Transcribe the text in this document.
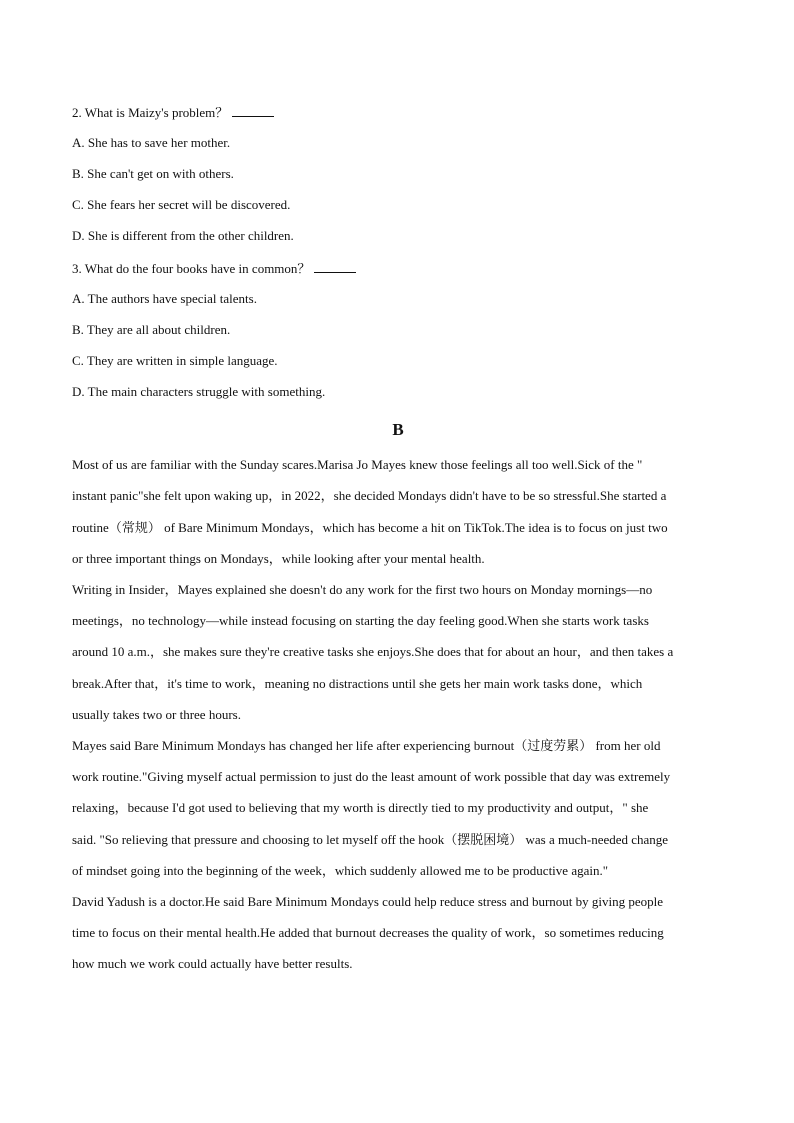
2. What is Maizy's problem？
A. She has to save her mother.
B. She can't get on with others.
C. She fears her secret will be discovered.
D. She is different from the other children.
3. What do the four books have in common？
A. The authors have special talents.
B. They are all about children.
C. They are written in simple language.
D. The main characters struggle with something.
B
Most of us are familiar with the Sunday scares.Marisa Jo Mayes knew those feelings all too well.Sick of the "
instant panic"she felt upon waking up，in 2022，she decided Mondays didn't have to be so stressful.She started a
routine（常规） of Bare Minimum Mondays，which has become a hit on TikTok.The idea is to focus on just two
or three important things on Mondays，while looking after your mental health.
Writing in Insider，Mayes explained she doesn't do any work for the first two hours on Monday mornings—no
meetings，no technology—while instead focusing on starting the day feeling good.When she starts work tasks
around 10 a.m.，she makes sure they're creative tasks she enjoys.She does that for about an hour，and then takes a
break.After that，it's time to work，meaning no distractions until she gets her main work tasks done，which
usually takes two or three hours.
Mayes said Bare Minimum Mondays has changed her life after experiencing burnout（过度劳累） from her old
work routine."Giving myself actual permission to just do the least amount of work possible that day was extremely
relaxing，because I'd got used to believing that my worth is directly tied to my productivity and output，" she
said. "So relieving that pressure and choosing to let myself off the hook（摆脱困境） was a much-needed change
of mindset going into the beginning of the week，which suddenly allowed me to be productive again."
David Yadush is a doctor.He said Bare Minimum Mondays could help reduce stress and burnout by giving people
time to focus on their mental health.He added that burnout decreases the quality of work，so sometimes reducing
how much we work could actually have better results.
